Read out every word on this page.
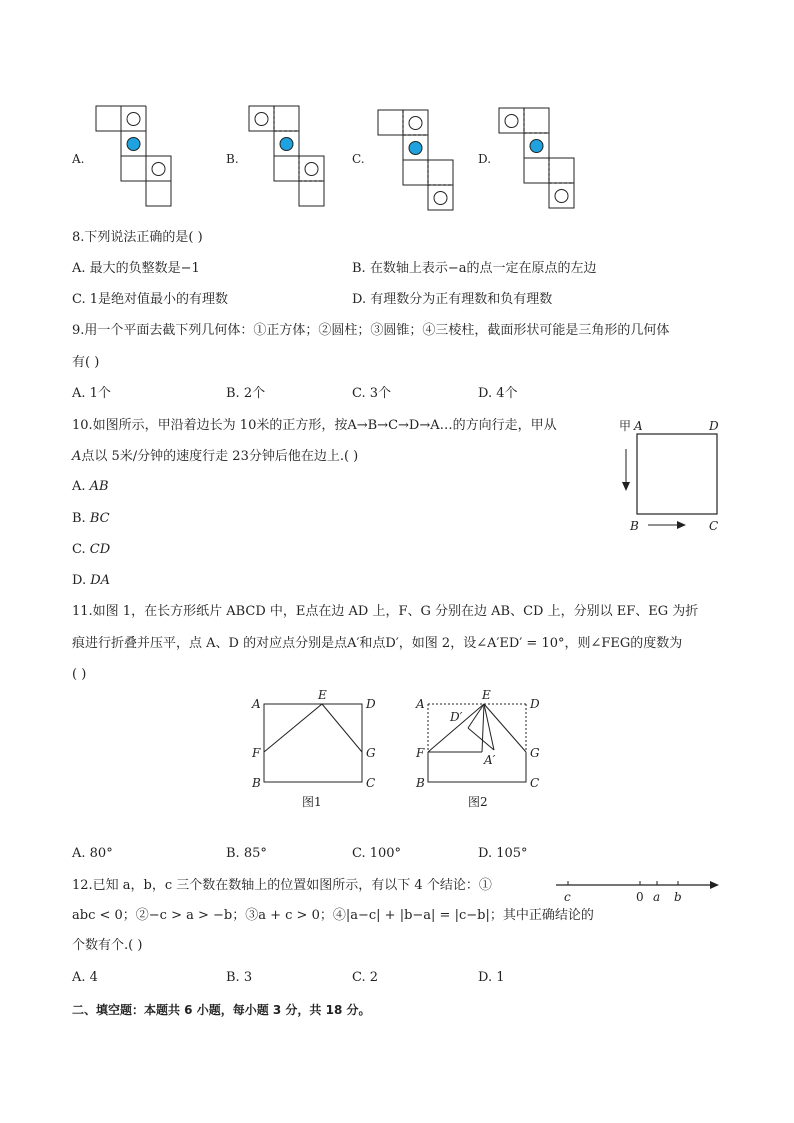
A.	B.	C.	D.
8.下列说法正确的是( )
A. 最大的负整数是−1	B. 在数轴上表示−a的点一定在原点的左边
C. 1是绝对值最小的有理数	D. 有理数分为正有理数和负有理数
9.用一个平面去截下列几何体：①正方体；②圆柱；③圆锥；④三棱柱，截面形状可能是三角形的几何体
有( )
A. 1个	B. 2个	C. 3个	D. 4个
10.如图所示，甲沿着边长为 10米的正方形，按A→B→C→D→A…的方向行走，甲从
A点以 5米/分钟的速度行走 23分钟后他在边上.( )
A. AB
B. BC
C. CD
D. DA
甲 A	D
B	C
11.如图 1，在长方形纸片 ABCD 中，E点在边 AD 上，F、G 分别在边 AB、CD 上，分别以 EF、EG 为折
痕进行折叠并压平，点 A、D 的对应点分别是点A′和点D′，如图 2，设∠A′ED′ = 10°，则∠FEG的度数为
( )
A	D
E
F	G
B	C
图1
A	D
E
F	G
B	C
D′
A′
图2
A. 80°	B. 85°	C. 100°	D. 105°
12.已知 a，b，c 三个数在数轴上的位置如图所示，有以下 4 个结论：①
abc < 0；②−c > a > −b；③a + c > 0；④|a−c| + |b−a| = |c−b|；其中正确结论的
个数有个.( )
c	0 a b
A. 4	B. 3	C. 2	D. 1
二、填空题：本题共 6 小题，每小题 3 分，共 18 分。
